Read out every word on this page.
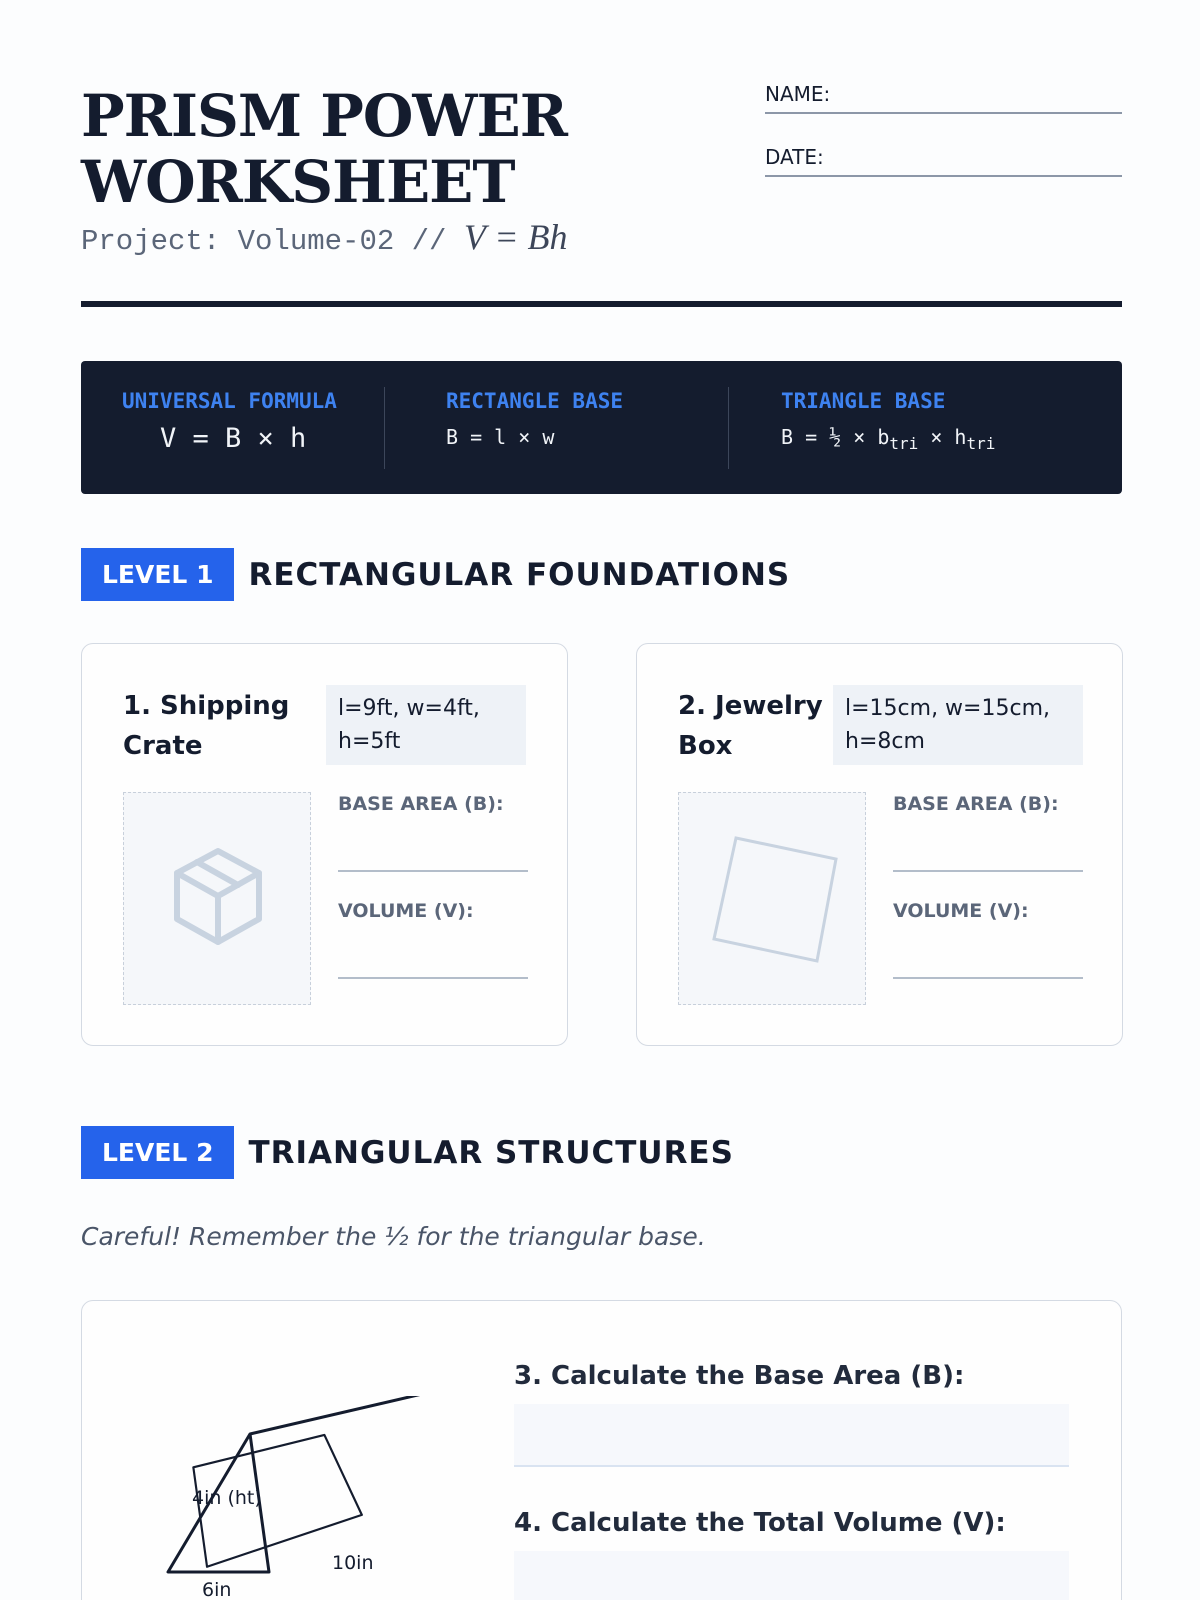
PRISM POWER WORKSHEET
Project: Volume-02 // V = Bh
NAME:
DATE:
UNIVERSAL FORMULA
V = B × h
RECTANGLE BASE
B = l × w
TRIANGLE BASE
B = ½ × $b_{tri} \times h_{tri}$
LEVEL 1	RECTANGULAR FOUNDATIONS
1. Shipping Crate
l=9ft, w=4ft, h=5ft
BASE AREA (B):
VOLUME (V):
2. Jewelry Box
l=15cm, w=15cm, h=8cm
BASE AREA (B):
VOLUME (V):
LEVEL 2	TRIANGULAR STRUCTURES
Careful! Remember the ½ for the triangular base.
4in (ht)
6in
10in
3. Calculate the Base Area (B):
4. Calculate the Total Volume (V):
